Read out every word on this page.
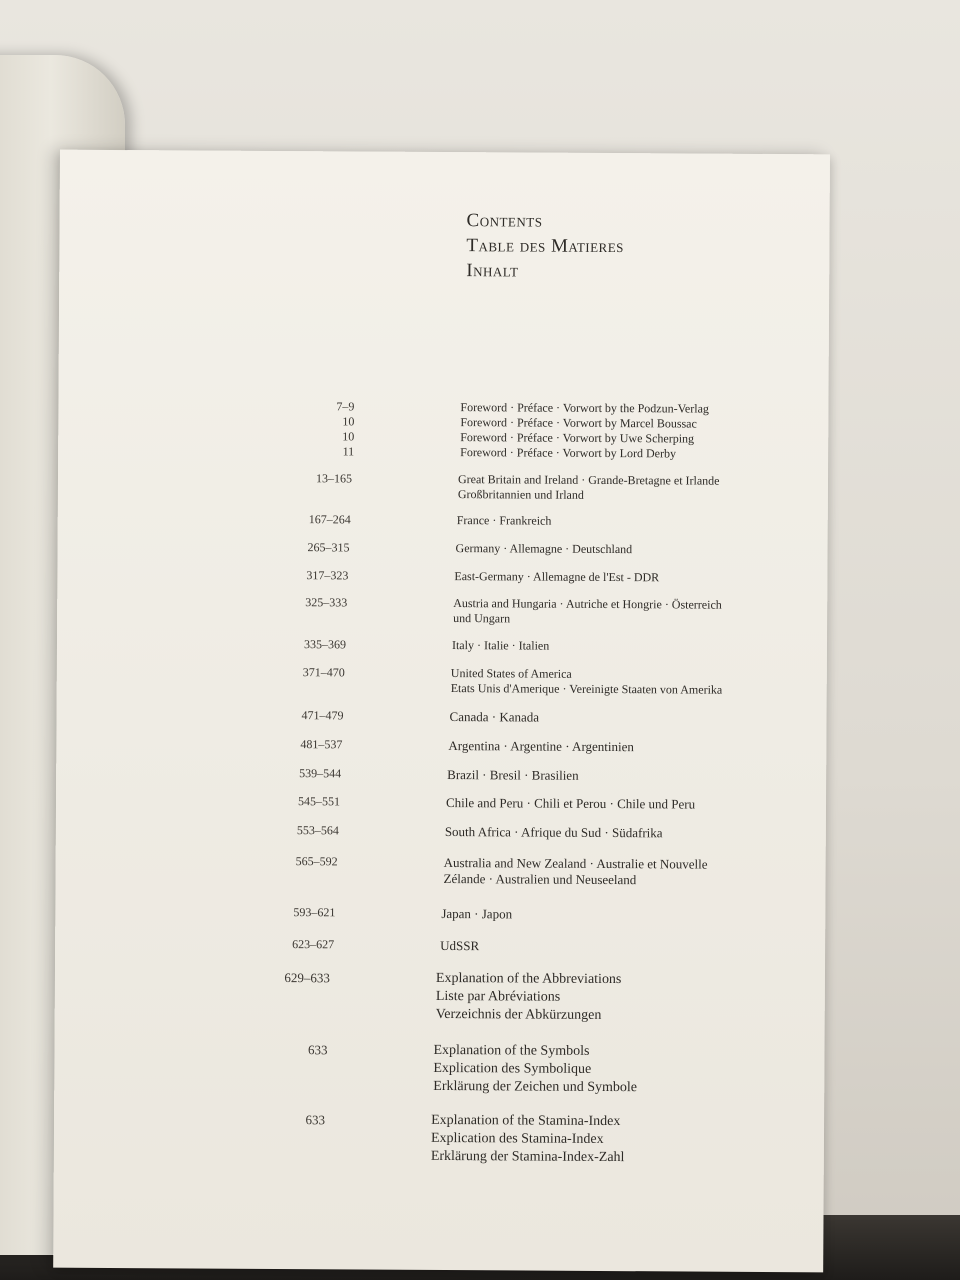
Contents
Table des Matieres
Inhalt
7–9	Foreword · Préface · Vorwort by the Podzun-Verlag
10	Foreword · Préface · Vorwort by Marcel Boussac
10	Foreword · Préface · Vorwort by Uwe Scherping
11	Foreword · Préface · Vorwort by Lord Derby
13–165	Great Britain and Ireland · Grande-Bretagne et Irlande
Großbritannien und Irland
167–264	France · Frankreich
265–315	Germany · Allemagne · Deutschland
317–323	East-Germany · Allemagne de l'Est - DDR
325–333	Austria and Hungaria · Autriche et Hongrie · Österreich
und Ungarn
335–369	Italy · Italie · Italien
371–470	United States of America
Etats Unis d'Amerique · Vereinigte Staaten von Amerika
471–479	Canada · Kanada
481–537	Argentina · Argentine · Argentinien
539–544	Brazil · Bresil · Brasilien
545–551	Chile and Peru · Chili et Perou · Chile und Peru
553–564	South Africa · Afrique du Sud · Südafrika
565–592	Australia and New Zealand · Australie et Nouvelle
Zélande · Australien und Neuseeland
593–621	Japan · Japon
623–627	UdSSR
629–633	Explanation of the Abbreviations
Liste par Abréviations
Verzeichnis der Abkürzungen
633	Explanation of the Symbols
Explication des Symbolique
Erklärung der Zeichen und Symbole
633	Explanation of the Stamina-Index
Explication des Stamina-Index
Erklärung der Stamina-Index-Zahl
